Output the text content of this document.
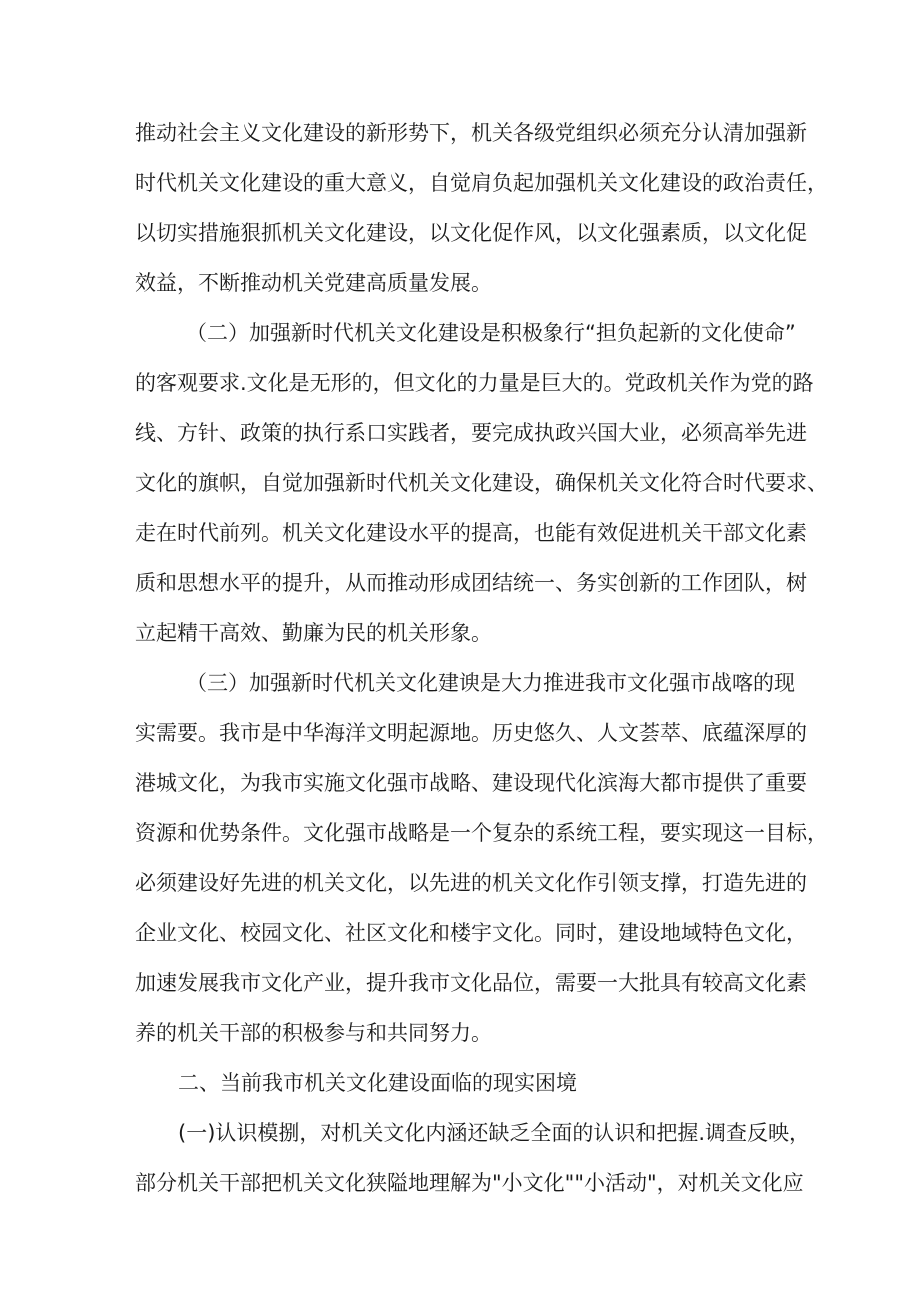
推动社会主义文化建设的新形势下，机关各级党组织必须充分认清加强新
时代机关文化建设的重大意义，自觉肩负起加强机关文化建设的政治责任，
以切实措施狠抓机关文化建设，以文化促作风，以文化强素质，以文化促
效益，不断推动机关党建高质量发展。
（二）加强新时代机关文化建设是积极象行“担负起新的文化使命”
的客观要求.文化是无形的，但文化的力量是巨大的。党政机关作为党的路
线、方针、政策的执行系口实践者，要完成执政兴国大业，必须高举先进
文化的旗帜，自觉加强新时代机关文化建设，确保机关文化符合时代要求、
走在时代前列。机关文化建设水平的提高，也能有效促进机关干部文化素
质和思想水平的提升，从而推动形成团结统一、务实创新的工作团队，树
立起精干高效、勤廉为民的机关形象。
（三）加强新时代机关文化建谀是大力推进我市文化强市战喀的现
实需要。我市是中华海洋文明起源地。历史悠久、人文荟萃、底蕴深厚的
港城文化，为我市实施文化强市战略、建设现代化滨海大都市提供了重要
资源和优势条件。文化强市战略是一个复杂的系统工程，要实现这一目标，
必须建设好先进的机关文化，以先进的机关文化作引领支撑，打造先进的
企业文化、校园文化、社区文化和楼宇文化。同时，建设地域特色文化，
加速发展我市文化产业，提升我市文化品位，需要一大批具有较高文化素
养的机关干部的积极参与和共同努力。
二、当前我市机关文化建设面临的现实困境
(一)认识模捌，对机关文化内涵还缺乏全面的认识和把握.调查反映，
部分机关干部把机关文化狭隘地理解为"小文化""小活动"，对机关文化应
